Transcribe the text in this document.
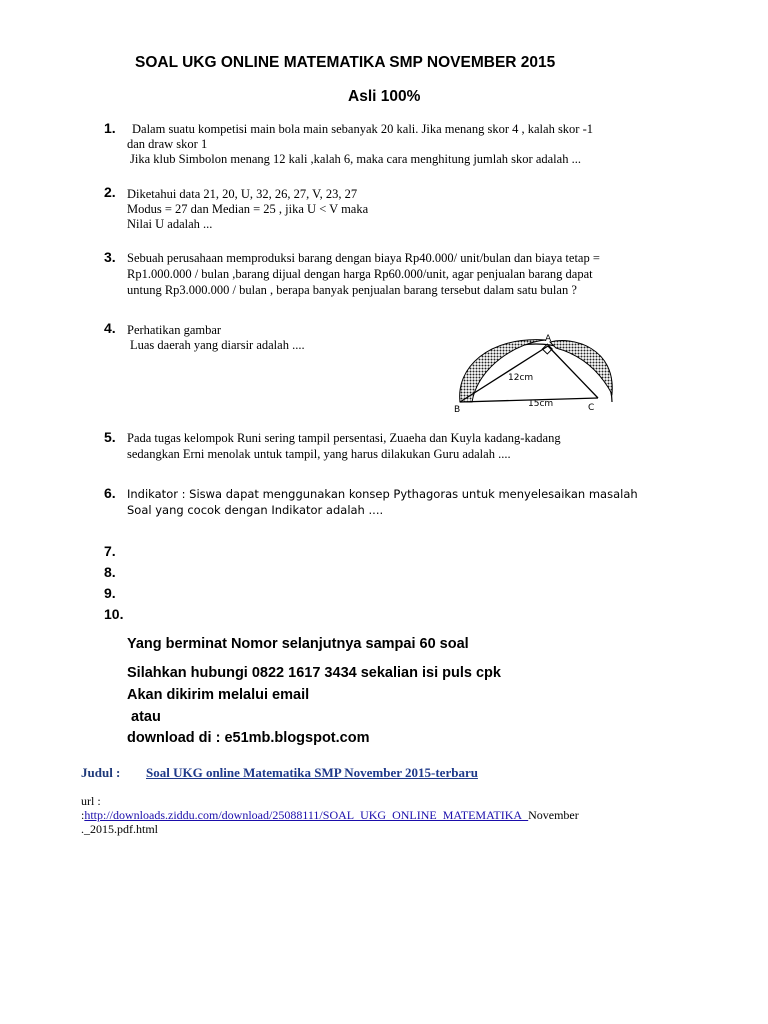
SOAL UKG ONLINE MATEMATIKA SMP NOVEMBER 2015
Asli 100%
1. Dalam suatu kompetisi main bola main sebanyak 20 kali. Jika menang skor 4 , kalah skor -1
dan draw skor 1
Jika klub Simbolon menang 12 kali ,kalah 6, maka cara menghitung jumlah skor adalah ...
2. Diketahui data 21, 20, U, 32, 26, 27, V, 23, 27
Modus = 27 dan Median = 25 , jika U < V maka
Nilai U adalah ...
3. Sebuah perusahaan memproduksi barang dengan biaya Rp40.000/ unit/bulan dan biaya tetap =
Rp1.000.000 / bulan ,barang dijual dengan harga Rp60.000/unit, agar penjualan barang dapat
untung Rp3.000.000 / bulan , berapa banyak penjualan barang tersebut dalam satu bulan ?
4. Perhatikan gambar
Luas daerah yang diarsir adalah ....	A
B	C
12cm
15cm
5. Pada tugas kelompok Runi sering tampil persentasi, Zuaeha dan Kuyla kadang-kadang
sedangkan Erni menolak untuk tampil, yang harus dilakukan Guru adalah ....
6. Indikator : Siswa dapat menggunakan konsep Pythagoras untuk menyelesaikan masalah
Soal yang cocok dengan Indikator adalah ....
7.
8.
9.
10.
Yang berminat Nomor selanjutnya sampai 60 soal
Silahkan hubungi 0822 1617 3434 sekalian isi puls cpk
Akan dikirim melalui email
atau
download di : e51mb.blogspot.com
Judul : Soal UKG online Matematika SMP November 2015-terbaru
url :
:http://downloads.ziddu.com/download/25088111/SOAL_UKG_ONLINE_MATEMATIKA_November
._2015.pdf.html
